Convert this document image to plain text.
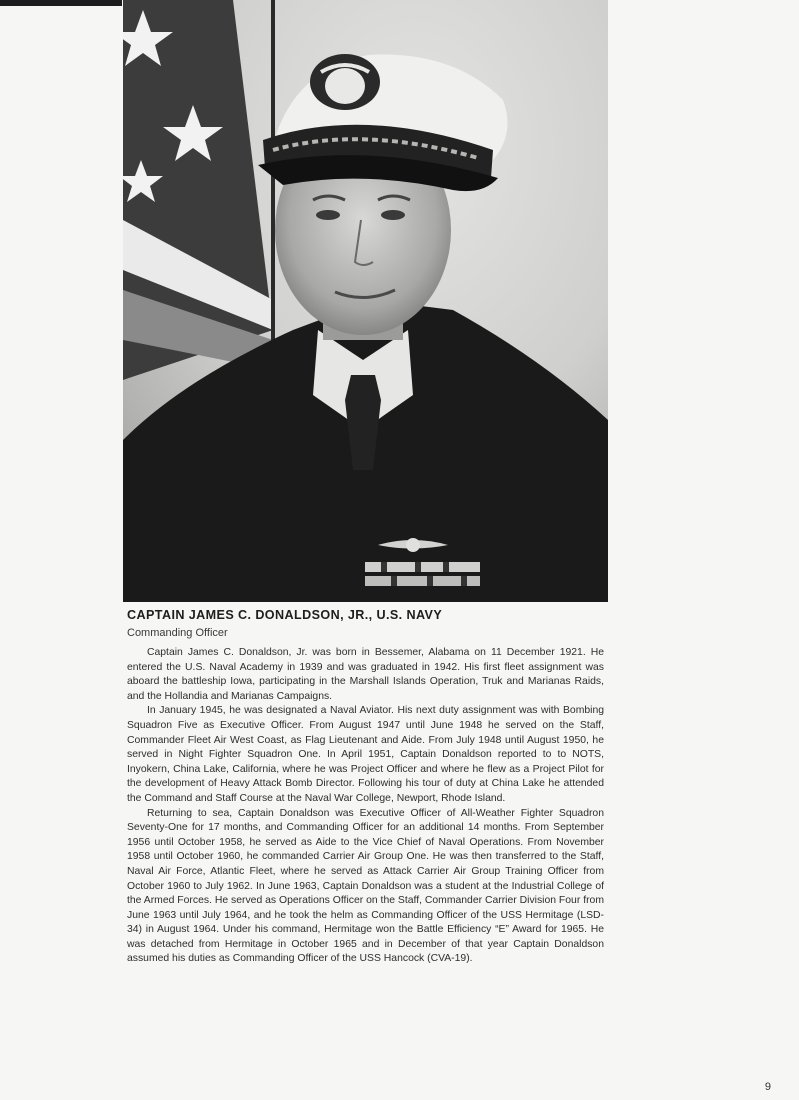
CAPTAIN JAMES C. DONALDSON, JR., U.S. NAVY
Commanding Officer

Captain James C. Donaldson, Jr. was born in Bessemer, Alabama on 11 December 1921. He entered the U.S. Naval Academy in 1939 and was graduated in 1942. His first fleet assignment was aboard the battleship Iowa, participating in the Marshall Islands Operation, Truk and Marianas Raids, and the Hollandia and Marianas Campaigns.

In January 1945, he was designated a Naval Aviator. His next duty assignment was with Bombing Squadron Five as Executive Officer. From August 1947 until June 1948 he served on the Staff, Commander Fleet Air West Coast, as Flag Lieutenant and Aide. From July 1948 until August 1950, he served in Night Fighter Squadron One. In April 1951, Captain Donaldson reported to to NOTS, Inyokern, China Lake, California, where he was Project Officer and where he flew as a Project Pilot for the development of Heavy Attack Bomb Director. Following his tour of duty at China Lake he attended the Command and Staff Course at the Naval War College, Newport, Rhode Island.

Returning to sea, Captain Donaldson was Executive Officer of All-Weather Fighter Squadron Seventy-One for 17 months, and Commanding Officer for an additional 14 months. From September 1956 until October 1958, he served as Aide to the Vice Chief of Naval Operations. From November 1958 until October 1960, he commanded Carrier Air Group One. He was then transferred to the Staff, Naval Air Force, Atlantic Fleet, where he served as Attack Carrier Air Group Training Officer from October 1960 to July 1962. In June 1963, Captain Donaldson was a student at the Industrial College of the Armed Forces. He served as Operations Officer on the Staff, Commander Carrier Division Four from June 1963 until July 1964, and he took the helm as Commanding Officer of the USS Hermitage (LSD-34) in August 1964. Under his command, Hermitage won the Battle Efficiency “E” Award for 1965. He was detached from Hermitage in October 1965 and in December of that year Captain Donaldson assumed his duties as Commanding Officer of the USS Hancock (CVA-19).

9
